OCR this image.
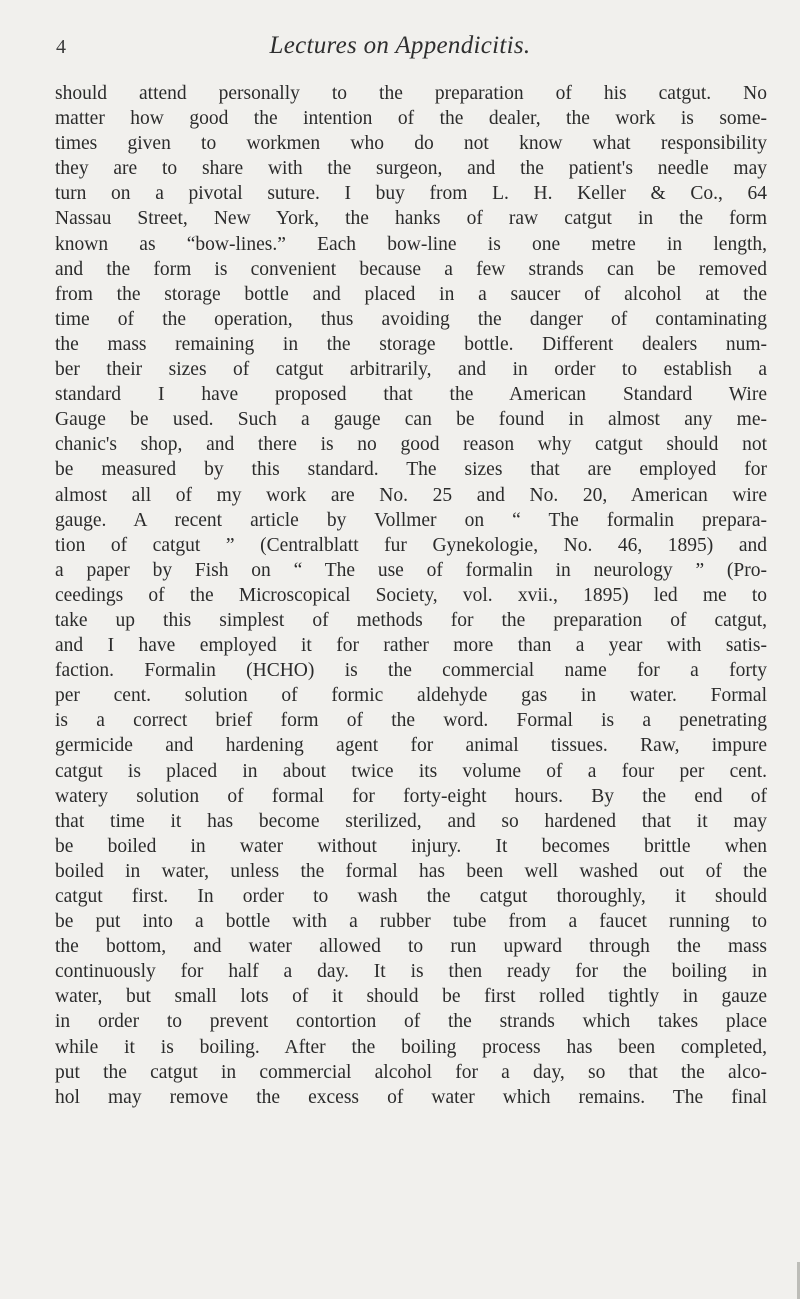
4	Lectures on Appendicitis.
should attend personally to the preparation of his catgut. No
matter how good the intention of the dealer, the work is some-
times given to workmen who do not know what responsibility
they are to share with the surgeon, and the patient's needle may
turn on a pivotal suture. I buy from L. H. Keller & Co., 64
Nassau Street, New York, the hanks of raw catgut in the form
known as “bow-lines.” Each bow-line is one metre in length,
and the form is convenient because a few strands can be removed
from the storage bottle and placed in a saucer of alcohol at the
time of the operation, thus avoiding the danger of contaminating
the mass remaining in the storage bottle. Different dealers num-
ber their sizes of catgut arbitrarily, and in order to establish a
standard I have proposed that the American Standard Wire
Gauge be used. Such a gauge can be found in almost any me-
chanic's shop, and there is no good reason why catgut should not
be measured by this standard. The sizes that are employed for
almost all of my work are No. 25 and No. 20, American wire
gauge. A recent article by Vollmer on “ The formalin prepara-
tion of catgut ” (Centralblatt fur Gynekologie, No. 46, 1895) and
a paper by Fish on “ The use of formalin in neurology ” (Pro-
ceedings of the Microscopical Society, vol. xvii., 1895) led me to
take up this simplest of methods for the preparation of catgut,
and I have employed it for rather more than a year with satis-
faction. Formalin (HCHO) is the commercial name for a forty
per cent. solution of formic aldehyde gas in water. Formal
is a correct brief form of the word. Formal is a penetrating
germicide and hardening agent for animal tissues. Raw, impure
catgut is placed in about twice its volume of a four per cent.
watery solution of formal for forty-eight hours. By the end of
that time it has become sterilized, and so hardened that it may
be boiled in water without injury. It becomes brittle when
boiled in water, unless the formal has been well washed out of the
catgut first. In order to wash the catgut thoroughly, it should
be put into a bottle with a rubber tube from a faucet running to
the bottom, and water allowed to run upward through the mass
continuously for half a day. It is then ready for the boiling in
water, but small lots of it should be first rolled tightly in gauze
in order to prevent contortion of the strands which takes place
while it is boiling. After the boiling process has been completed,
put the catgut in commercial alcohol for a day, so that the alco-
hol may remove the excess of water which remains. The final
